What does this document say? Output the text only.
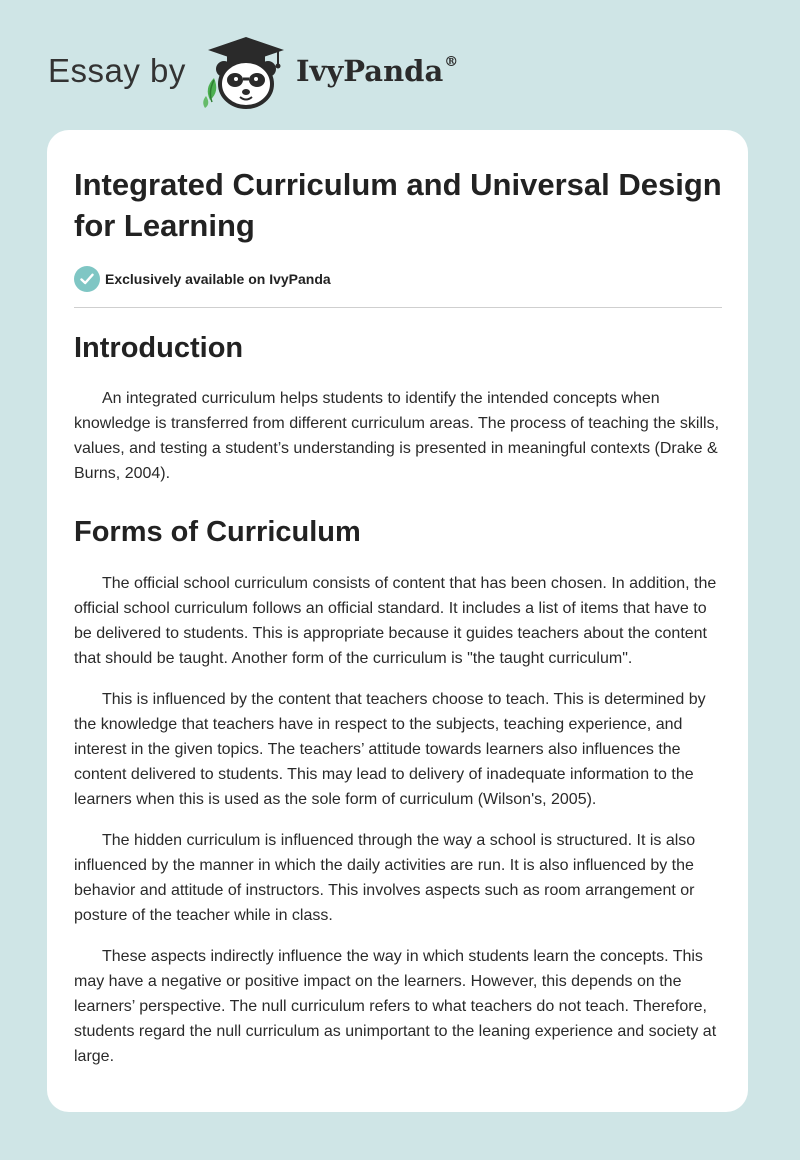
Essay by	IvyPanda®
Integrated Curriculum and Universal Design for Learning
Exclusively available on IvyPanda
Introduction

An integrated curriculum helps students to identify the intended concepts when knowledge is transferred from different curriculum areas. The process of teaching the skills, values, and testing a student’s understanding is presented in meaningful contexts (Drake & Burns, 2004).

Forms of Curriculum

The official school curriculum consists of content that has been chosen. In addition, the official school curriculum follows an official standard. It includes a list of items that have to be delivered to students. This is appropriate because it guides teachers about the content that should be taught. Another form of the curriculum is "the taught curriculum".

This is influenced by the content that teachers choose to teach. This is determined by the knowledge that teachers have in respect to the subjects, teaching experience, and interest in the given topics. The teachers’ attitude towards learners also influences the content delivered to students. This may lead to delivery of inadequate information to the learners when this is used as the sole form of curriculum (Wilson's, 2005).

The hidden curriculum is influenced through the way a school is structured. It is also influenced by the manner in which the daily activities are run. It is also influenced by the behavior and attitude of instructors. This involves aspects such as room arrangement or posture of the teacher while in class.

These aspects indirectly influence the way in which students learn the concepts. This may have a negative or positive impact on the learners. However, this depends on the learners’ perspective. The null curriculum refers to what teachers do not teach. Therefore, students regard the null curriculum as unimportant to the leaning experience and society at large.
